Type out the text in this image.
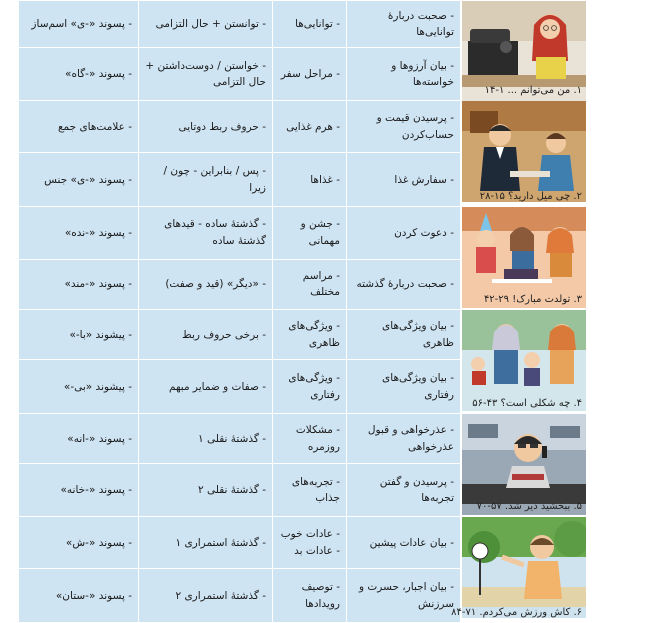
۱. من می‌توانم ... ۱۴-۱	- صحبت دربارهٔ توانایی‌ها	- توانایی‌ها	- توانستن + حال التزامی	- پسوند «-ی» اسم‌ساز	
	- بیان آرزوها و خواسته‌ها	- مراحل سفر	- خواستن / دوست‌داشتن + حال التزامی	- پسوند «-گاه»	

۲. چی میل دارید؟ ۲۸-۱۵	- پرسیدن قیمت و حساب‌کردن	- هرم غذایی	- حروف ربط دوتایی	- علامت‌های جمع	
	- سفارش غذا	- غذاها	- پس / بنابراین - چون / زیرا	- پسوند «-ی» جنس	

۳. تولدت مبارک! ۴۲-۲۹	- دعوت کردن	- جشن و مهمانی	- گذشتهٔ ساده - قیدهای گذشتهٔ ساده	- پسوند «-نده»	
	- صحبت دربارهٔ گذشته	- مراسم مختلف	- «دیگر» (قید و صفت)	- پسوند «-مند»	

۴. چه شکلی است؟ ۵۶-۴۳	- بیان ویژگی‌های ظاهری	- ویژگی‌های ظاهری	- برخی حروف ربط	- پیشوند «با-»	
	- بیان ویژگی‌های رفتاری	- ویژگی‌های رفتاری	- صفات و ضمایر مبهم	- پیشوند «بی-»	

۵. ببخشید دیر شد. ۷۰-۵۷	- عذرخواهی و قبول عذرخواهی	- مشکلات روزمره	- گذشتهٔ نقلی ۱	- پسوند «-انه»	
	- پرسیدن و گفتن تجربه‌ها	- تجربه‌های جذاب	- گذشتهٔ نقلی ۲	- پسوند «-خانه»	

۶. کاش ورزش می‌کردم. ۸۴-۷۱	- بیان عادات پیشین	- عادات خوب - عادات بد	- گذشتهٔ استمراری ۱	- پسوند «-ش»	
	- بیان اجبار، حسرت و سرزنش	- توصیف رویدادها	- گذشتهٔ استمراری ۲	- پسوند «-ستان»	
